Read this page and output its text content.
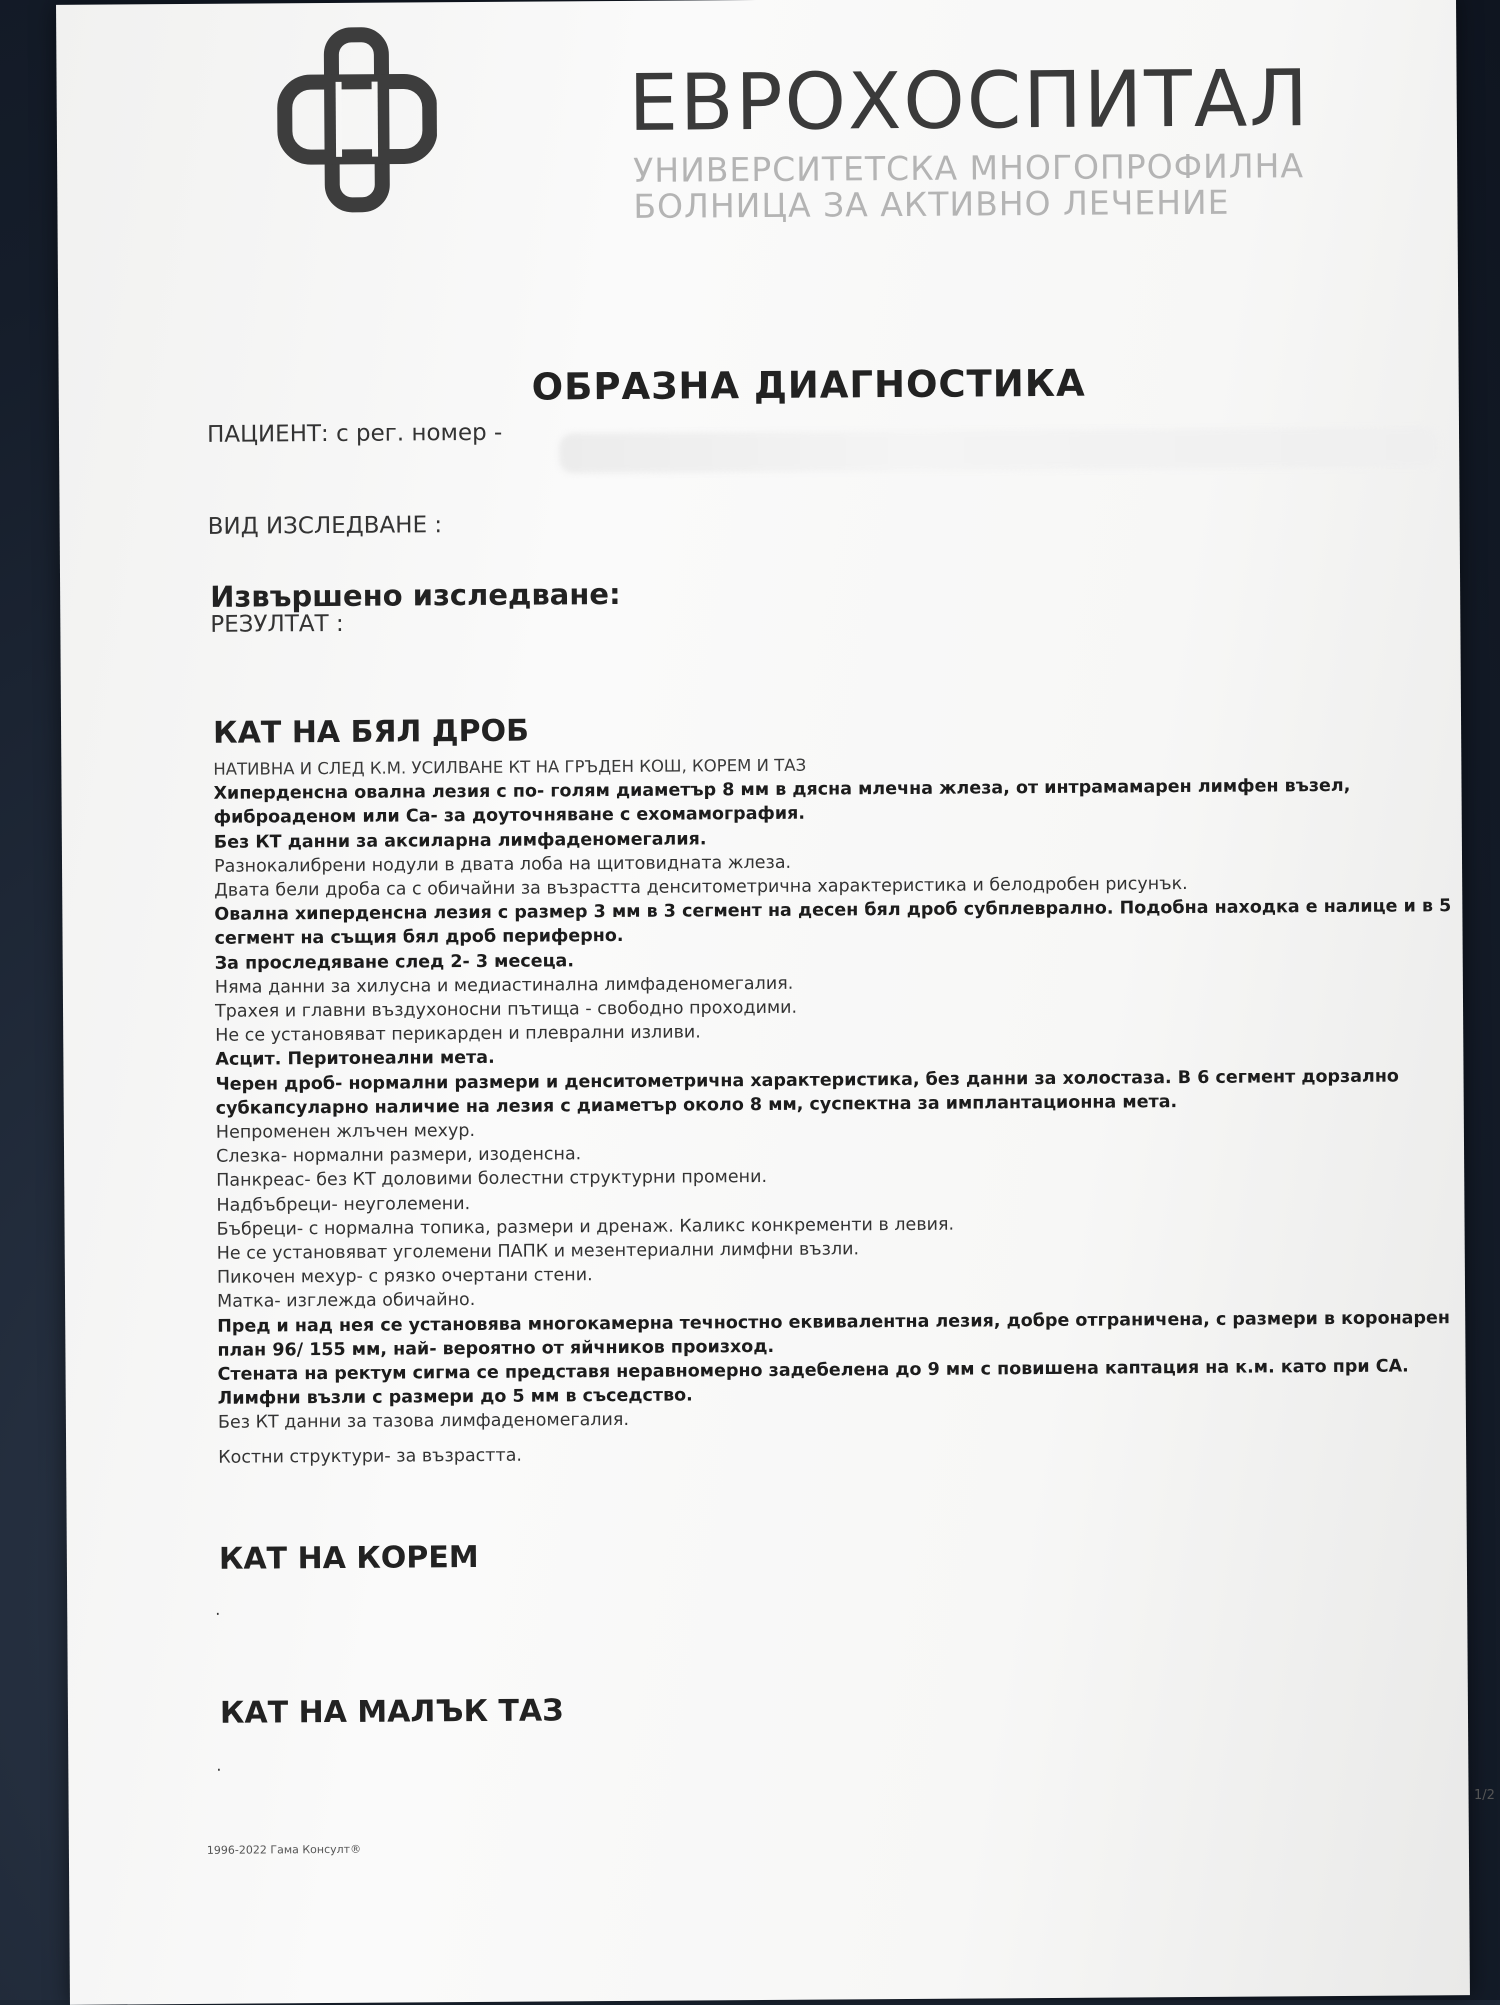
ЕВРОХОСПИТАЛ
УНИВЕРСИТЕТСКА МНОГОПРОФИЛНА
БОЛНИЦА ЗА АКТИВНО ЛЕЧЕНИЕ
ОБРАЗНА ДИАГНОСТИКА
ПАЦИЕНТ: с рег. номер -
ВИД ИЗСЛЕДВАНЕ :
Извършено изследване:
РЕЗУЛТАТ :
КАТ НА БЯЛ ДРОБ
НАТИВНА И СЛЕД К.М. УСИЛВАНЕ КТ НА ГРЪДЕН КОШ, КОРЕМ И ТАЗ
Хиперденсна овална лезия с по- голям диаметър 8 мм в дясна млечна жлеза, от интрамамарен лимфен възел,
фиброаденом или Са- за доуточняване с ехомамография.
Без КТ данни за аксиларна лимфаденомегалия.
Разнокалибрени нодули в двата лоба на щитовидната жлеза.
Двата бели дроба са с обичайни за възрастта денситометрична характеристика и белодробен рисунък.
Овална хиперденсна лезия с размер 3 мм в 3 сегмент на десен бял дроб субплеврално. Подобна находка е налице и в 5
сегмент на същия бял дроб периферно.
За проследяване след 2- 3 месеца.
Няма данни за хилусна и медиастинална лимфаденомегалия.
Трахея и главни въздухоносни пътища - свободно проходими.
Не се установяват перикарден и плеврални изливи.
Асцит. Перитонеални мета.
Черен дроб- нормални размери и денситометрична характеристика, без данни за холостаза. В 6 сегмент дорзално
субкапсуларно наличие на лезия с диаметър около 8 мм, суспектна за имплантационна мета.
Непроменен жлъчен мехур.
Слезка- нормални размери, изоденсна.
Панкреас- без КТ доловими болестни структурни промени.
Надбъбреци- неуголемени.
Бъбреци- с нормална топика, размери и дренаж. Каликс конкременти в левия.
Не се установяват уголемени ПАПК и мезентериални лимфни възли.
Пикочен мехур- с рязко очертани стени.
Матка- изглежда обичайно.
Пред и над нея се установява многокамерна течностно еквивалентна лезия, добре отграничена, с размери в коронарен
план 96/ 155 мм, най- вероятно от яйчников произход.
Стената на ректум сигма се представя неравномерно задебелена до 9 мм с повишена каптация на к.м. като при СА.
Лимфни възли с размери до 5 мм в съседство.
Без КТ данни за тазова лимфаденомегалия.
Костни структури- за възрастта.
КАТ НА КОРЕМ
.
КАТ НА МАЛЪК ТАЗ
.
1996-2022 Гама Консулт®
1/2
